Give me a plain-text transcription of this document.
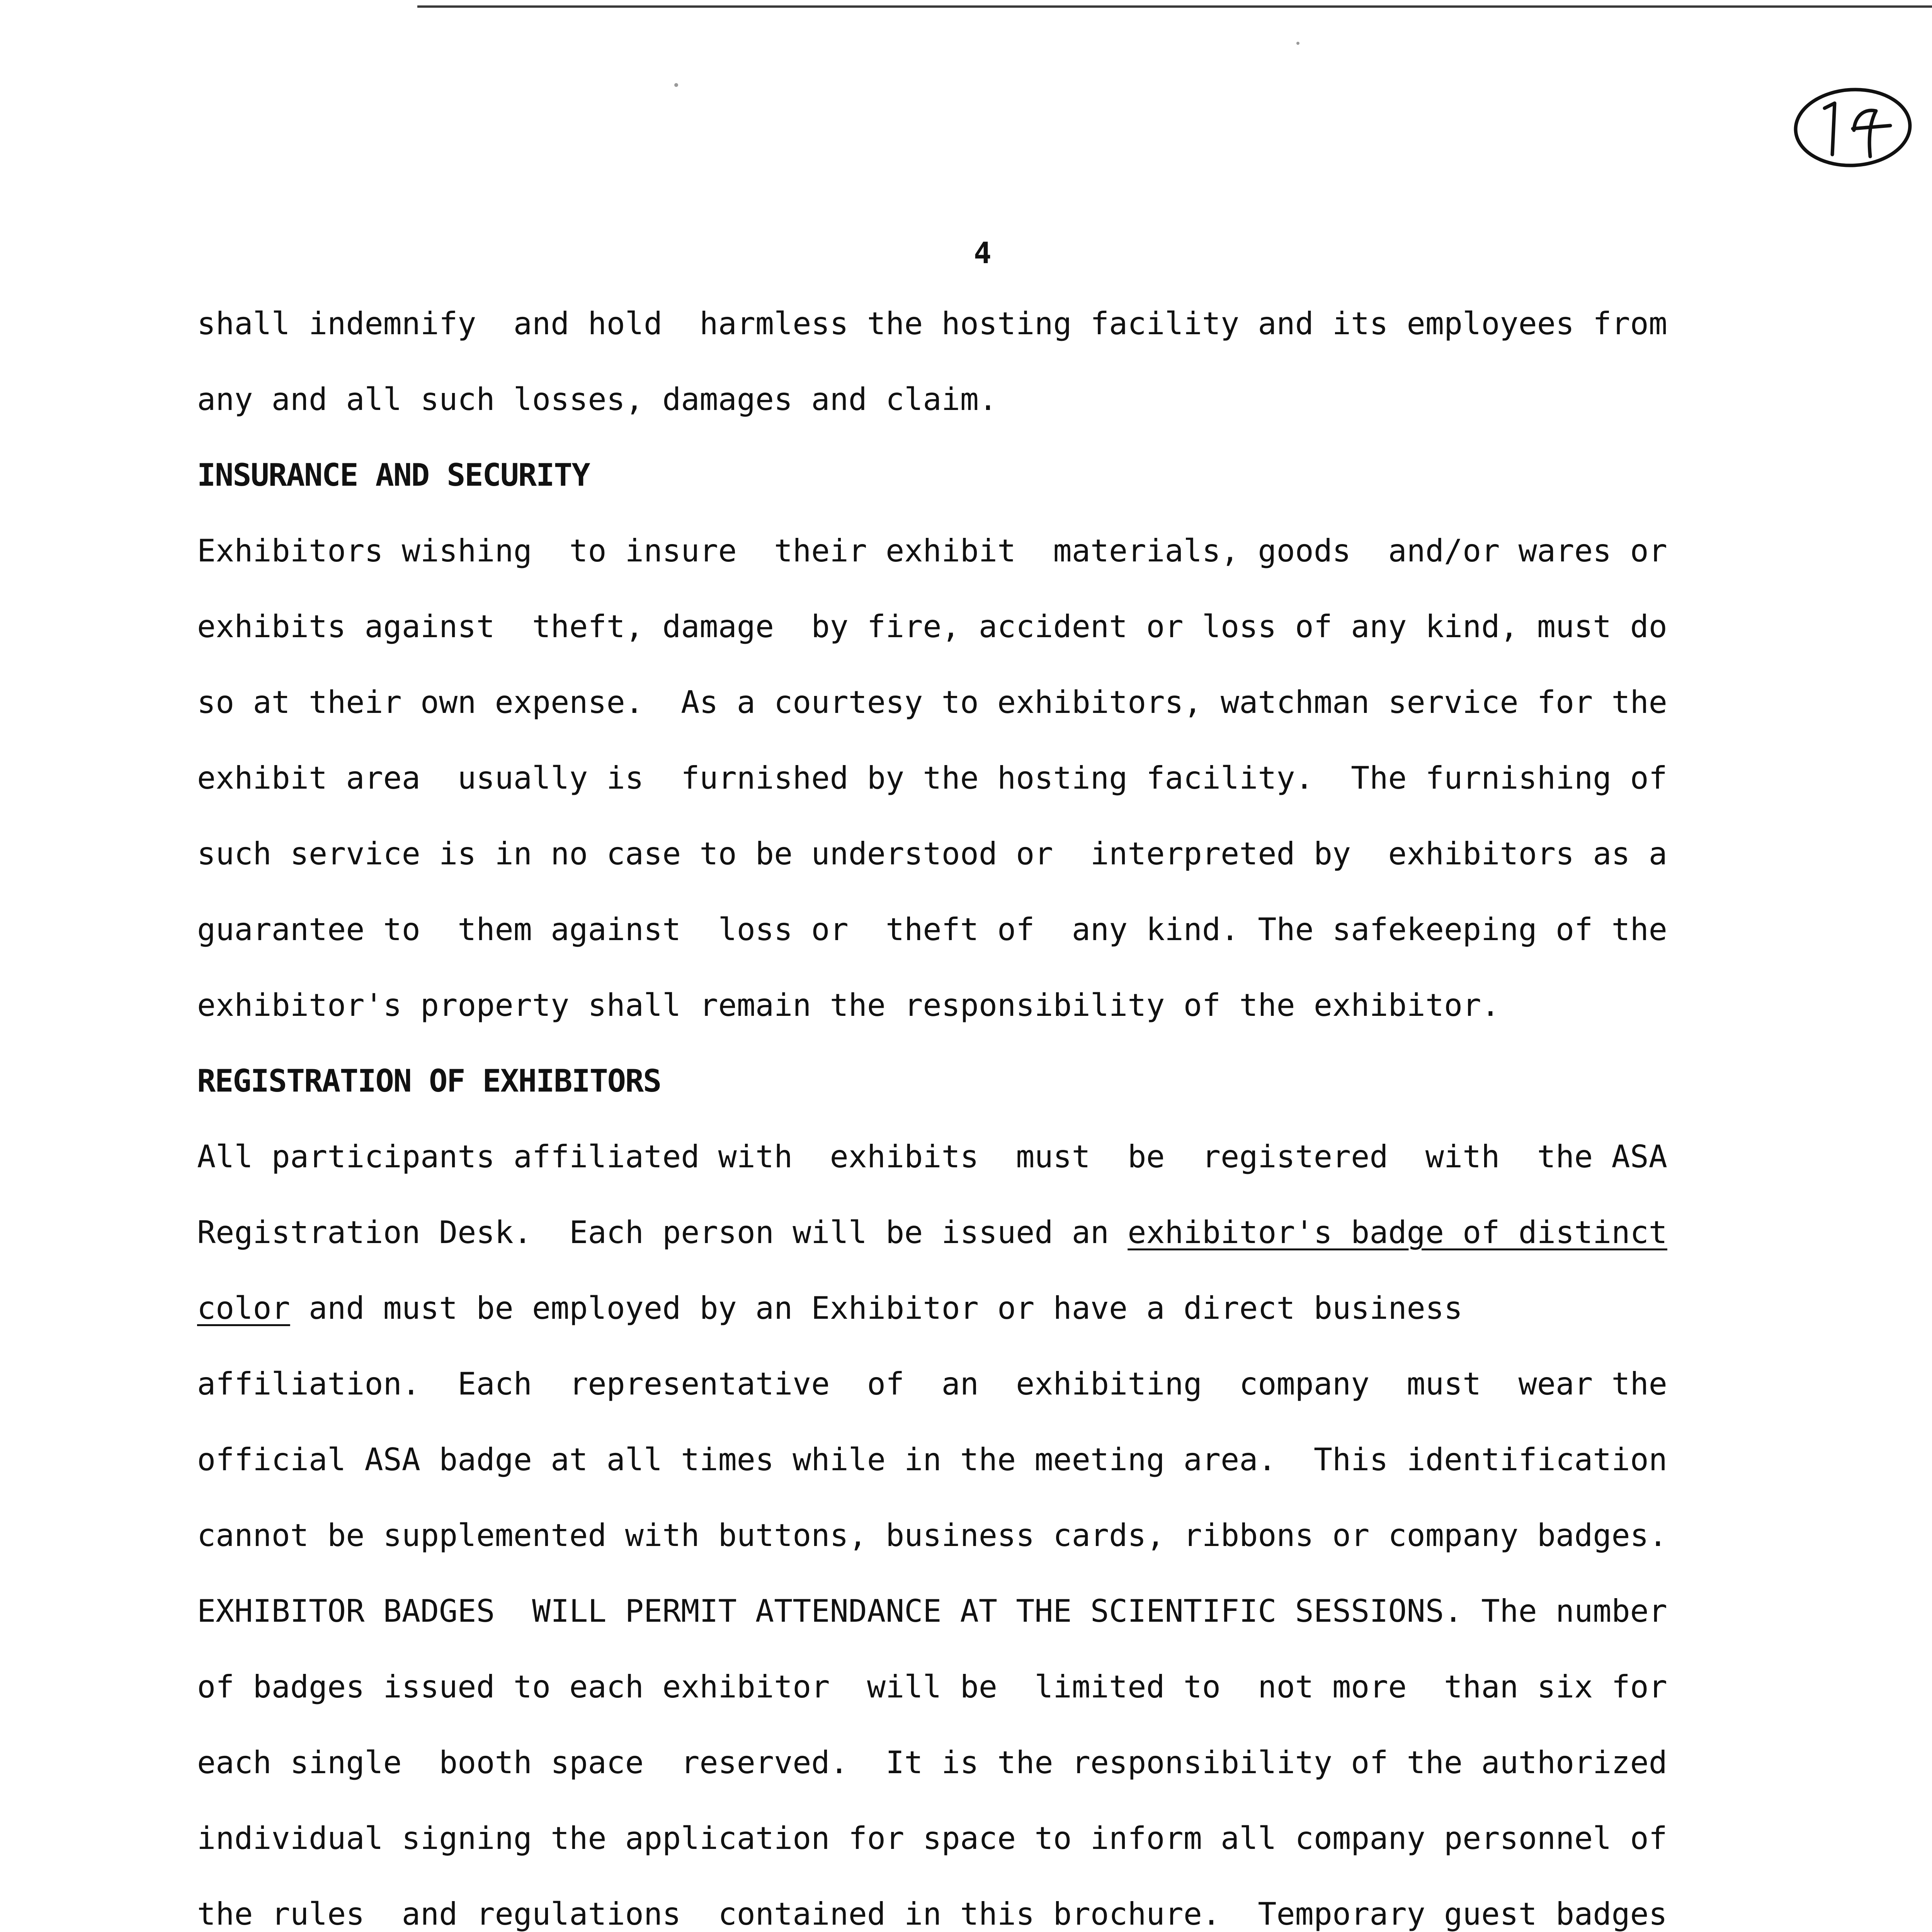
4
shall indemnify  and hold  harmless the hosting facility and its employees from
any and all such losses, damages and claim.
INSURANCE AND SECURITY
Exhibitors wishing  to insure  their exhibit  materials, goods  and/or wares or
exhibits against  theft, damage  by fire, accident or loss of any kind, must do
so at their own expense.  As a courtesy to exhibitors, watchman service for the
exhibit area  usually is  furnished by the hosting facility.  The furnishing of
such service is in no case to be understood or  interpreted by  exhibitors as a
guarantee to  them against  loss or  theft of  any kind. The safekeeping of the
exhibitor's property shall remain the responsibility of the exhibitor.
REGISTRATION OF EXHIBITORS
All participants affiliated with  exhibits  must  be  registered  with  the ASA
Registration Desk.  Each person will be issued an exhibitor's badge of distinct
color and must be employed by an Exhibitor or have a direct business
affiliation.  Each  representative  of  an  exhibiting  company  must  wear the
official ASA badge at all times while in the meeting area.  This identification
cannot be supplemented with buttons, business cards, ribbons or company badges.
EXHIBITOR BADGES  WILL PERMIT ATTENDANCE AT THE SCIENTIFIC SESSIONS. The number
of badges issued to each exhibitor  will be  limited to  not more  than six for
each single  booth space  reserved.  It is the responsibility of the authorized
individual signing the application for space to inform all company personnel of
the rules  and regulations  contained in this brochure.  Temporary guest badges
